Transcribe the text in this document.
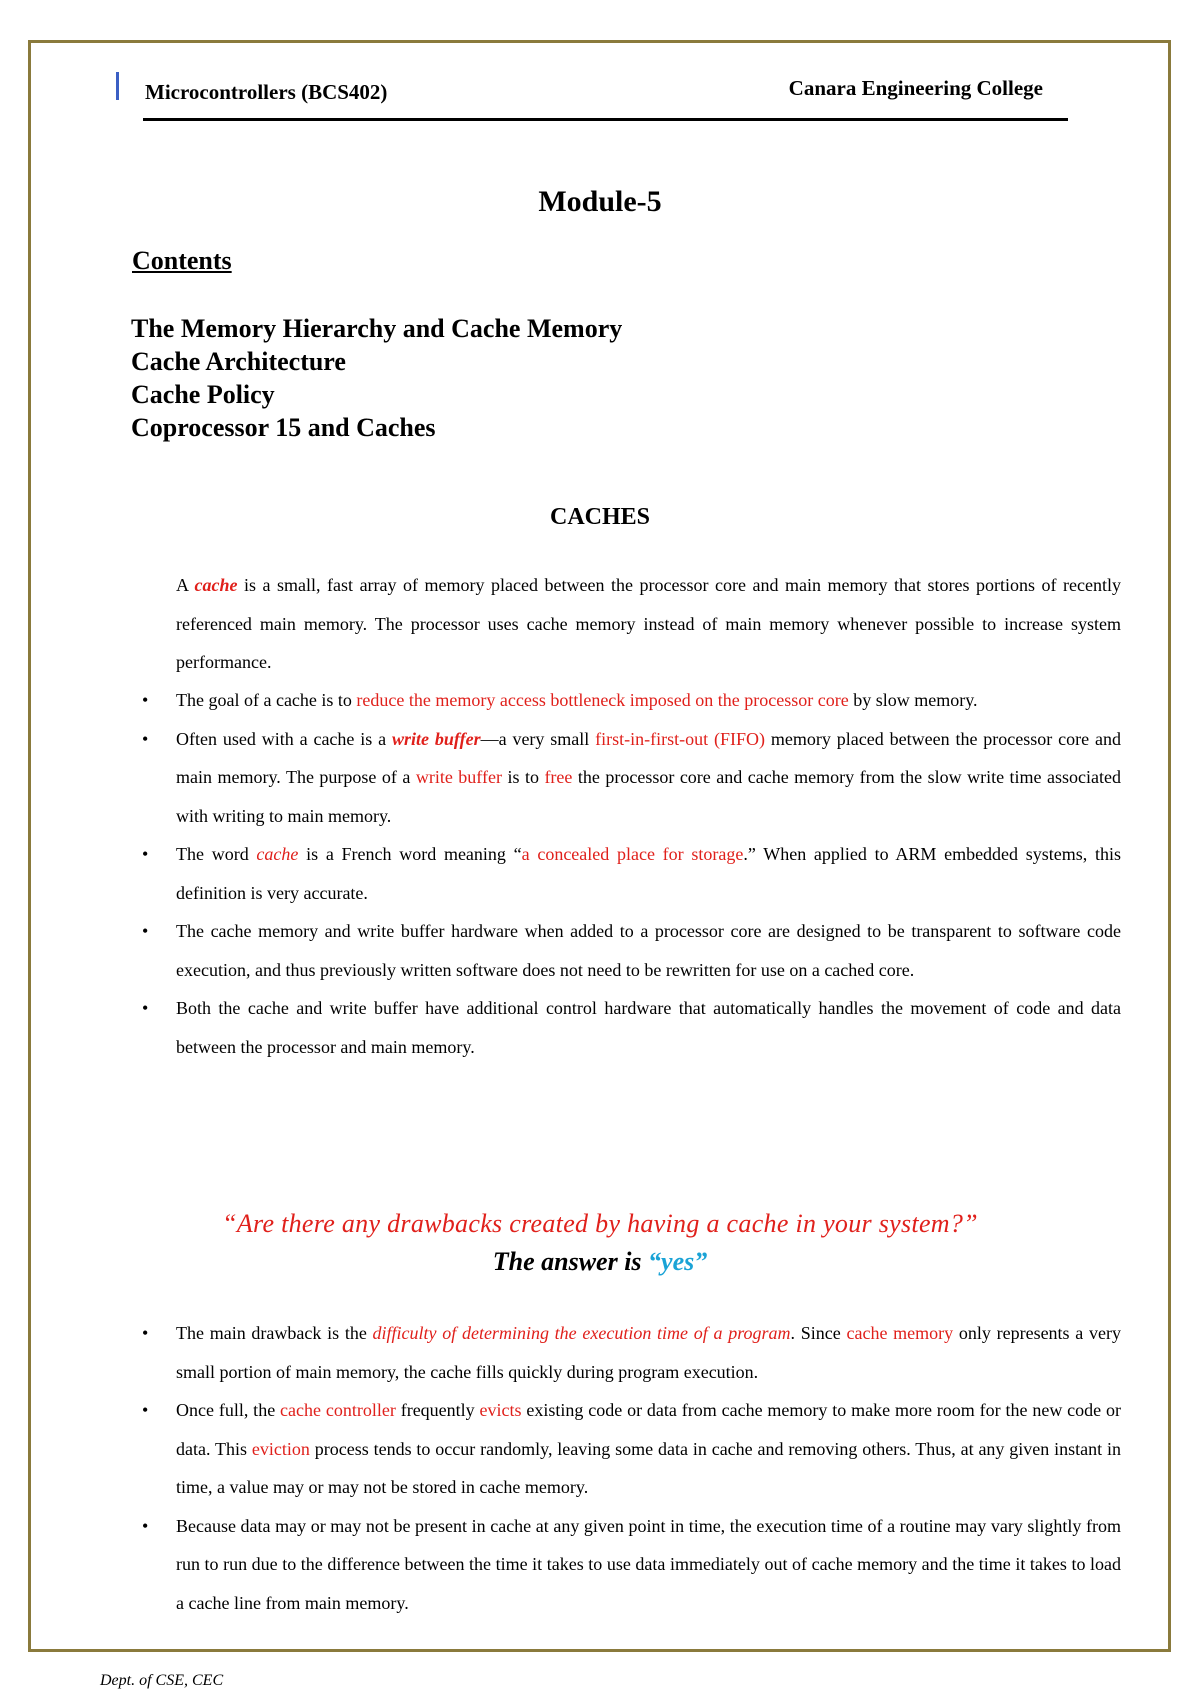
Microcontrollers (BCS402)	Canara Engineering College
Module-5
Contents
The Memory Hierarchy and Cache Memory
Cache Architecture
Cache Policy
Coprocessor 15 and Caches
CACHES

A cache is a small, fast array of memory placed between the processor core and main memory that stores portions of recently referenced main memory. The processor uses cache memory instead of main memory whenever possible to increase system performance.

• The goal of a cache is to reduce the memory access bottleneck imposed on the processor core by slow memory.
• Often used with a cache is a write buffer—a very small first-in-first-out (FIFO) memory placed between the processor core and main memory. The purpose of a write buffer is to free the processor core and cache memory from the slow write time associated with writing to main memory.
• The word cache is a French word meaning “a concealed place for storage.” When applied to ARM embedded systems, this definition is very accurate.
• The cache memory and write buffer hardware when added to a processor core are designed to be transparent to software code execution, and thus previously written software does not need to be rewritten for use on a cached core.
• Both the cache and write buffer have additional control hardware that automatically handles the movement of code and data between the processor and main memory.
“Are there any drawbacks created by having a cache in your system?”
The answer is “yes”
• The main drawback is the difficulty of determining the execution time of a program. Since cache memory only represents a very small portion of main memory, the cache fills quickly during program execution.
• Once full, the cache controller frequently evicts existing code or data from cache memory to make more room for the new code or data. This eviction process tends to occur randomly, leaving some data in cache and removing others. Thus, at any given instant in time, a value may or may not be stored in cache memory.
• Because data may or may not be present in cache at any given point in time, the execution time of a routine may vary slightly from run to run due to the difference between the time it takes to use data immediately out of cache memory and the time it takes to load a cache line from main memory.
Dept. of CSE, CEC
